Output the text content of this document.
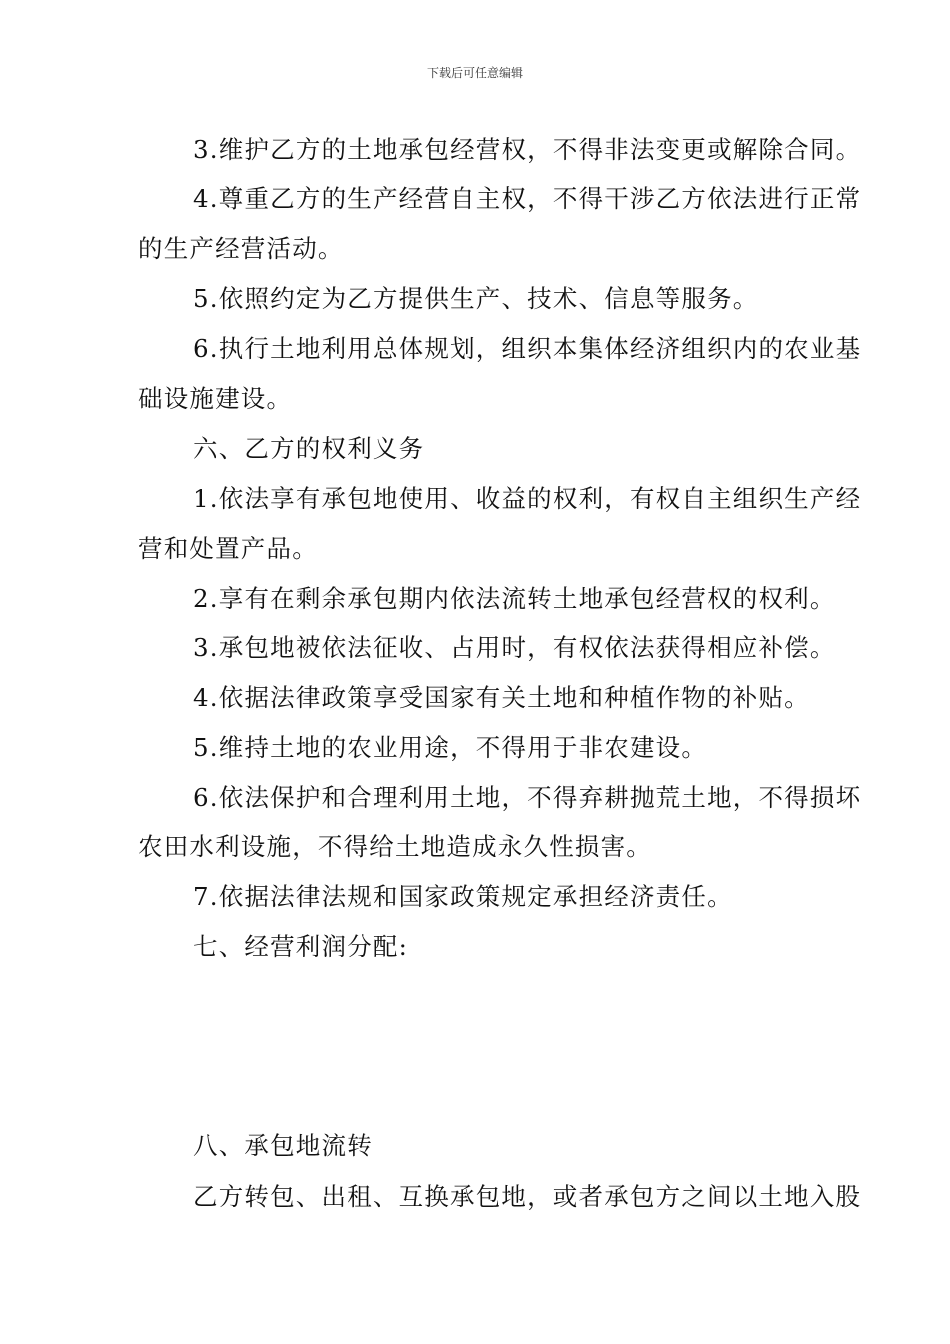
下载后可任意编辑
3.维护乙方的土地承包经营权，不得非法变更或解除合同。
4.尊重乙方的生产经营自主权，不得干涉乙方依法进行正常
的生产经营活动。
5.依照约定为乙方提供生产、技术、信息等服务。
6.执行土地利用总体规划，组织本集体经济组织内的农业基
础设施建设。
六、乙方的权利义务
1.依法享有承包地使用、收益的权利，有权自主组织生产经
营和处置产品。
2.享有在剩余承包期内依法流转土地承包经营权的权利。
3.承包地被依法征收、占用时，有权依法获得相应补偿。
4.依据法律政策享受国家有关土地和种植作物的补贴。
5.维持土地的农业用途，不得用于非农建设。
6.依法保护和合理利用土地，不得弃耕抛荒土地，不得损坏
农田水利设施，不得给土地造成永久性损害。
7.依据法律法规和国家政策规定承担经济责任。
七、经营利润分配:
八、承包地流转
乙方转包、出租、互换承包地，或者承包方之间以土地入股
